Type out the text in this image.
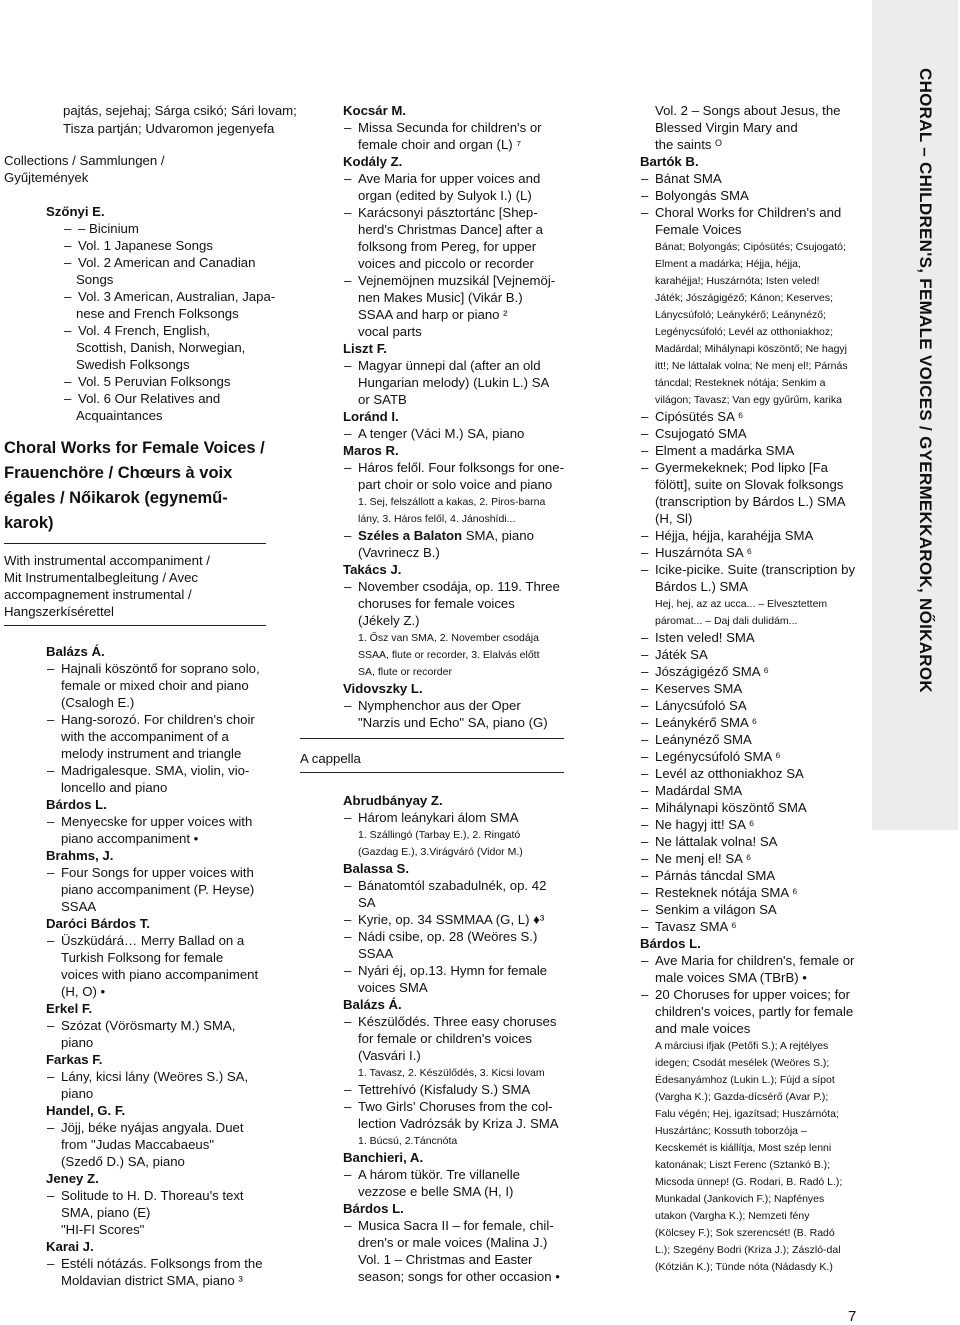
CHORAL – CHILDREN'S, FEMALE VOICES / GYERMEKKAROK, NŐIKAROK
pajtás, sejehaj; Sárga csikó; Sári lovam;
Tisza partján; Udvaromon jegenyefa
Collections / Sammlungen /
Gyűjtemények
Szőnyi E.
– – Bicinium
– Vol. 1 Japanese Songs
– Vol. 2 American and Canadian
Songs
– Vol. 3 American, Australian, Japa-
nese and French Folksongs
– Vol. 4 French, English,
Scottish, Danish, Norwegian,
Swedish Folksongs
– Vol. 5 Peruvian Folksongs
– Vol. 6 Our Relatives and
Acquaintances
Choral Works for Female Voices /
Frauenchöre / Chœurs à voix
égales / Nőikarok (egynemű-
karok)
With instrumental accompaniment /
Mit Instrumentalbegleitung / Avec
accompagnement instrumental /
Hangszerkísérettel
Balázs Á.
– Hajnali köszöntő for soprano solo,
female or mixed choir and piano
(Csalogh E.)
– Hang-sorozó. For children's choir
with the accompaniment of a
melody instrument and triangle
– Madrigalesque. SMA, violin, vio-
loncello and piano
Bárdos L.
– Menyecske for upper voices with
piano accompaniment •
Brahms, J.
– Four Songs for upper voices with
piano accompaniment (P. Heyse)
SSAA
Daróci Bárdos T.
– Üszküdárá… Merry Ballad on a
Turkish Folksong for female
voices with piano accompaniment
(H, O) •
Erkel F.
– Szózat (Vörösmarty M.) SMA,
piano
Farkas F.
– Lány, kicsi lány (Weöres S.) SA,
piano
Handel, G. F.
– Jöjj, béke nyájas angyala. Duet
from "Judas Maccabaeus"
(Szedő D.) SA, piano
Jeney Z.
– Solitude to H. D. Thoreau's text
SMA, piano (E)
"HI-FI Scores"
Karai J.
– Estéli nótázás. Folksongs from the
Moldavian district SMA, piano ³
Kocsár M.
– Missa Secunda for children's or
female choir and organ (L) ⁷
Kodály Z.
– Ave Maria for upper voices and
organ (edited by Sulyok I.) (L)
– Karácsonyi pásztortánc [Shep-
herd's Christmas Dance] after a
folksong from Pereg, for upper
voices and piccolo or recorder
– Vejnemöjnen muzsikál [Vejnemöj-
nen Makes Music] (Vikár B.)
SSAA and harp or piano ²
vocal parts
Liszt F.
– Magyar ünnepi dal (after an old
Hungarian melody) (Lukin L.) SA
or SATB
Loránd I.
– A tenger (Váci M.) SA, piano
Maros R.
– Háros felől. Four folksongs for one-
part choir or solo voice and piano
1. Sej, felszállott a kakas, 2. Piros-barna
lány, 3. Háros felől, 4. Jánoshídi...
– Széles a Balaton SMA, piano
(Vavrinecz B.)
Takács J.
– November csodája, op. 119. Three
choruses for female voices
(Jékely Z.)
1. Ősz van SMA, 2. November csodája
SSAA, flute or recorder, 3. Elalvás előtt
SA, flute or recorder
Vidovszky L.
– Nymphenchor aus der Oper
"Narzis und Echo" SA, piano (G)
A cappella
Abrudbányay Z.
– Három leánykari álom SMA
1. Szállingó (Tarbay E.), 2. Ringató
(Gazdag E.), 3.Virágváró (Vidor M.)
Balassa S.
– Bánatomtól szabadulnék, op. 42
SA
– Kyrie, op. 34 SSMMAA (G, L) ♦³
– Nádi csibe, op. 28 (Weöres S.)
SSAA
– Nyári éj, op.13. Hymn for female
voices SMA
Balázs Á.
– Készülődés. Three easy choruses
for female or children's voices
(Vasvári I.)
1. Tavasz, 2. Készülődés, 3. Kicsi lovam
– Tettrehívó (Kisfaludy S.) SMA
– Two Girls' Choruses from the col-
lection Vadrózsák by Kriza J. SMA
1. Búcsú, 2.Táncnóta
Banchieri, A.
– A három tükör. Tre villanelle
vezzose e belle SMA (H, I)
Bárdos L.
– Musica Sacra II – for female, chil-
dren's or male voices (Malina J.)
Vol. 1 – Christmas and Easter
season; songs for other occasion •
Vol. 2 – Songs about Jesus, the
Blessed Virgin Mary and
the saints ᴼ
Bartók B.
– Bánat SMA
– Bolyongás SMA
– Choral Works for Children's and
Female Voices
Bánat; Bolyongás; Cipósütés; Csujogató;
Elment a madárka; Héjja, héjja,
karahéjja!; Huszárnóta; Isten veled!
Játék; Jószágigéző; Kánon; Keserves;
Lánycsúfoló; Leánykérő; Leánynéző;
Legénycsúfoló; Levél az otthoniakhoz;
Madárdal; Mihálynapi köszöntő; Ne hagyj
itt!; Ne láttalak volna; Ne menj el!; Párnás
táncdal; Resteknek nótája; Senkim a
világon; Tavasz; Van egy gyűrűm, karika
– Cipósütés SA ⁶
– Csujogató SMA
– Elment a madárka SMA
– Gyermekeknek; Pod lipko [Fa
fölött], suite on Slovak folksongs
(transcription by Bárdos L.) SMA
(H, Sl)
– Héjja, héjja, karahéjja SMA
– Huszárnóta SA ⁶
– Icike-picike. Suite (transcription by
Bárdos L.) SMA
Hej, hej, az az ucca... – Elvesztettem
páromat... – Daj dali dulidám...
– Isten veled! SMA
– Játék SA
– Jószágigéző SMA ⁶
– Keserves SMA
– Lánycsúfoló SA
– Leánykérő SMA ⁶
– Leánynéző SMA
– Legénycsúfoló SMA ⁶
– Levél az otthoniakhoz SA
– Madárdal SMA
– Mihálynapi köszöntő SMA
– Ne hagyj itt! SA ⁶
– Ne láttalak volna! SA
– Ne menj el! SA ⁶
– Párnás táncdal SMA
– Resteknek nótája SMA ⁶
– Senkim a világon SA
– Tavasz SMA ⁶
Bárdos L.
– Ave Maria for children's, female or
male voices SMA (TBrB) •
– 20 Choruses for upper voices; for
children's voices, partly for female
and male voices
A márciusi ifjak (Petőfi S.); A rejtélyes
idegen; Csodát mesélek (Weöres S.);
Édesanyámhoz (Lukin L.); Fújd a sípot
(Vargha K.); Gazda-dícsérő (Avar P.);
Falu végén; Hej, igazítsad; Huszárnóta;
Huszártánc; Kossuth toborzója –
Kecskemét is kiállítja, Most szép lenni
katonának; Liszt Ferenc (Sztankó B.);
Micsoda ünnep! (G. Rodari, B. Radó L.);
Munkadal (Jankovich F.); Napfényes
utakon (Vargha K.); Nemzeti fény
(Kölcsey F.); Sok szerencsét! (B. Radó
L.); Szegény Bodri (Kriza J.); Zászló-dal
(Kótzián K.); Tünde nóta (Nádasdy K.)
7
